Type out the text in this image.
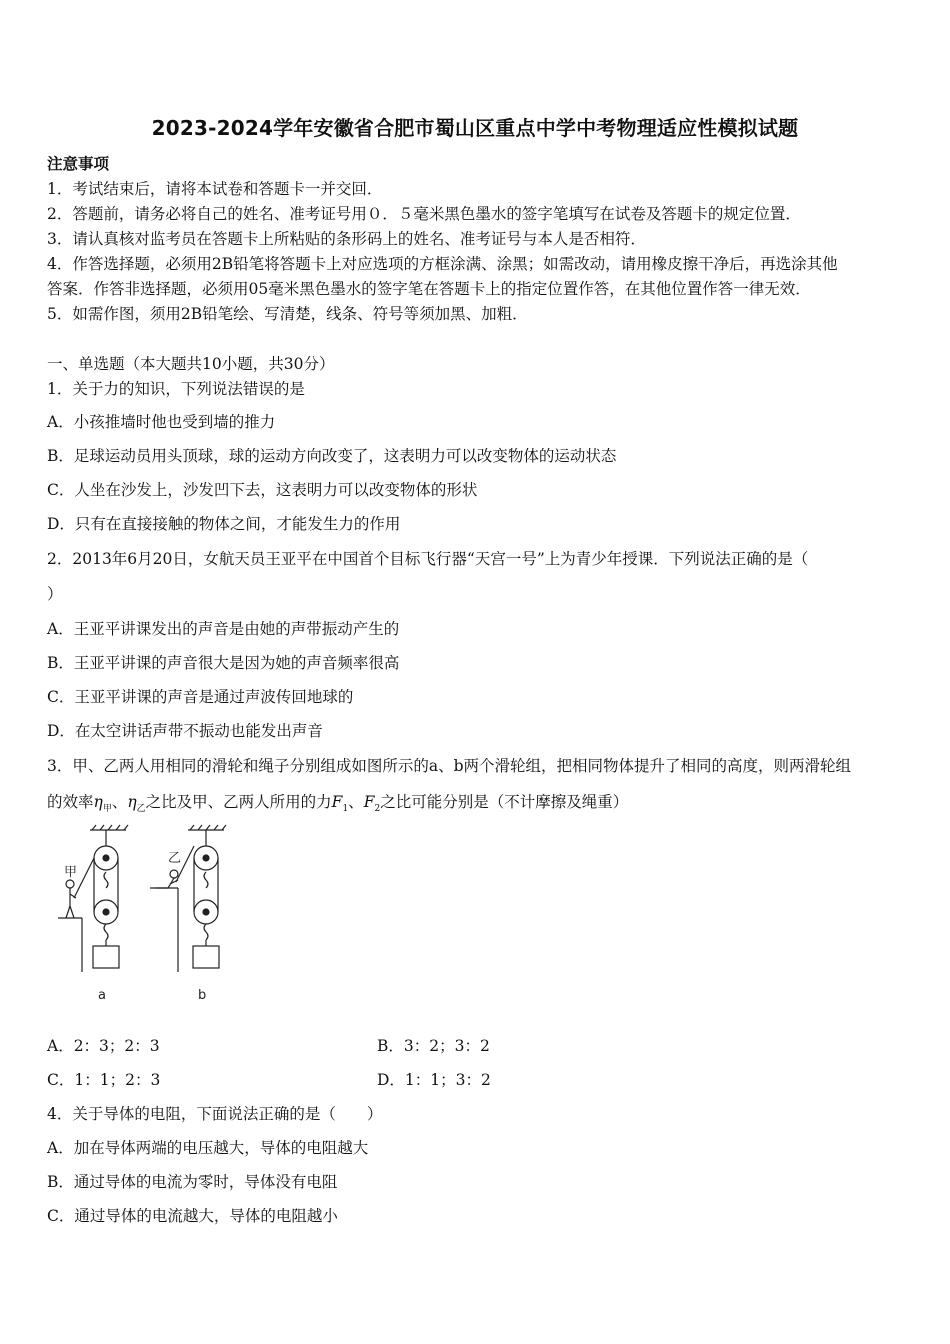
2023-2024学年安徽省合肥市蜀山区重点中学中考物理适应性模拟试题
注意事项
1．考试结束后，请将本试卷和答题卡一并交回．
2．答题前，请务必将自己的姓名、准考证号用０．５毫米黑色墨水的签字笔填写在试卷及答题卡的规定位置．
3．请认真核对监考员在答题卡上所粘贴的条形码上的姓名、准考证号与本人是否相符．
4．作答选择题，必须用2B铅笔将答题卡上对应选项的方框涂满、涂黑；如需改动，请用橡皮擦干净后，再选涂其他
答案．作答非选择题，必须用05毫米黑色墨水的签字笔在答题卡上的指定位置作答，在其他位置作答一律无效．
5．如需作图，须用2B铅笔绘、写清楚，线条、符号等须加黑、加粗．
一、单选题（本大题共10小题，共30分）
1．关于力的知识，下列说法错误的是
A．小孩推墙时他也受到墙的推力
B．足球运动员用头顶球，球的运动方向改变了，这表明力可以改变物体的运动状态
C．人坐在沙发上，沙发凹下去，这表明力可以改变物体的形状
D．只有在直接接触的物体之间，才能发生力的作用
2．2013年6月20日，女航天员王亚平在中国首个目标飞行器“天宫一号”上为青少年授课．下列说法正确的是（
）
A．王亚平讲课发出的声音是由她的声带振动产生的
B．王亚平讲课的声音很大是因为她的声音频率很高
C．王亚平讲课的声音是通过声波传回地球的
D．在太空讲话声带不振动也能发出声音
3．甲、乙两人用相同的滑轮和绳子分别组成如图所示的a、b两个滑轮组，把相同物体提升了相同的高度，则两滑轮组
的效率$\eta_甲$、$\eta_乙$之比及甲、乙两人所用的力$F_1$、$F_2$之比可能分别是（不计摩擦及绳重）
甲
乙
a	b
A．2：3；2：3	B．3：2；3：2
C．1：1；2：3	D．1：1；3：2
4．关于导体的电阻，下面说法正确的是（　　）
A．加在导体两端的电压越大，导体的电阻越大
B．通过导体的电流为零时，导体没有电阻
C．通过导体的电流越大，导体的电阻越小
